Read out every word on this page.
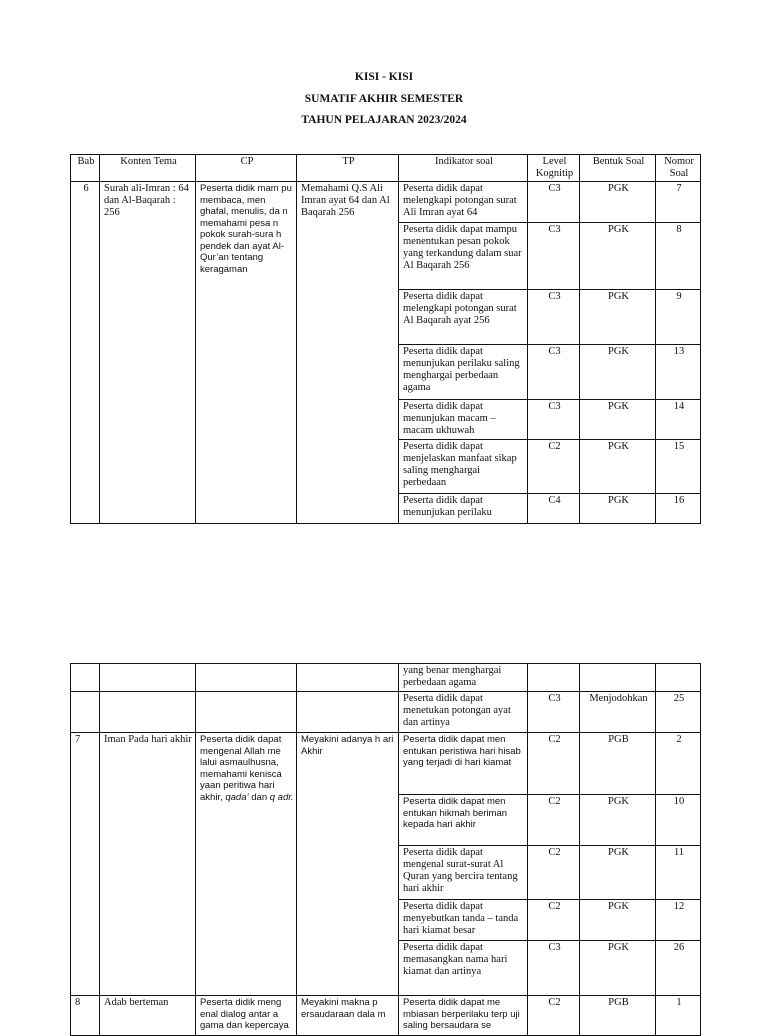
KISI - KISI
SUMATIF AKHIR SEMESTER
TAHUN PELAJARAN 2023/2024
Bab	Konten Tema	CP	TP	Indikator soal	Level Kognitip	Bentuk Soal	Nomor Soal
6	Surah ali-Imran : 64 dan Al-Baqarah : 256	Peserta didik mam pu membaca, men ghafal, menulis, da n memahami pesa n pokok surah-sura h pendek dan ayat Al-Qur’an tentang keragaman	Memahami Q.S Ali Imran ayat 64 dan Al Baqarah 256	Peserta didik dapat melengkapi potongan surat Ali Imran ayat 64	C3	PGK	7
				Peserta didik dapat mampu menentukan pesan pokok yang terkandung dalam suar Al Baqarah 256	C3	PGK	8
				Peserta didik dapat melengkapi potongan surat Al Baqarah ayat 256	C3	PGK	9
				Peserta didik dapat menunjukan perilaku saling menghargai perbedaan agama	C3	PGK	13
				Peserta didik dapat menunjukan macam – macam ukhuwah	C3	PGK	14
				Peserta didik dapat menjelaskan manfaat sikap saling menghargai perbedaan	C2	PGK	15
				Peserta didik dapat menunjukan perilaku	C4	PGK	16
				yang benar menghargai perbedaan agama			
				Peserta didik dapat menetukan potongan ayat dan artinya	C3	Menjodohkan	25
7	Iman Pada hari akhir	Peserta didik dapat mengenal Allah me lalui asmaulhusna, memahami kenisca yaan peritiwa hari akhir, qada’ dan q adr.	Meyakini adanya h ari Akhir	Peserta didik dapat men entukan peristiwa hari hisab yang terjadi di hari kiamat	C2	PGB	2
				Peserta didik dapat men entukan hikmah beriman kepada hari akhir	C2	PGK	10
				Peserta didik dapat mengenal surat-surat Al Quran yang bercira tentang hari akhir	C2	PGK	11
				Peserta didik dapat menyebutkan tanda – tanda hari kiamat besar	C2	PGK	12
				Peserta didik dapat memasangkan nama hari kiamat dan artinya	C3	PGK	26
8	Adab berteman	Peserta didik meng enal dialog antar a gama dan kepercaya	Meyakini makna p ersaudaraan dala m	Peserta didik dapat me mbiasan berperilaku terp uji saling bersaudara se	C2	PGB	1
